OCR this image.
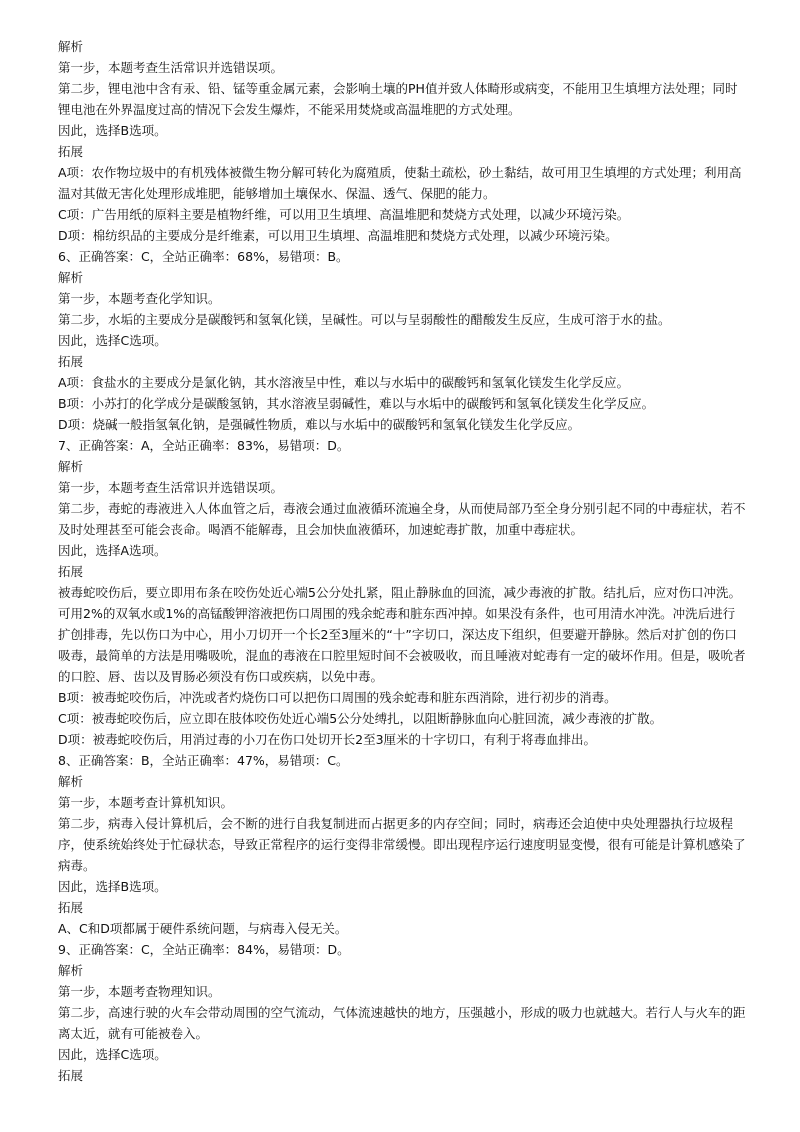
解析
第一步，本题考查生活常识并选错误项。
第二步，锂电池中含有汞、铅、锰等重金属元素，会影响土壤的PH值并致人体畸形或病变，不能用卫生填埋方法处理；同时锂电池在外界温度过高的情况下会发生爆炸，不能采用焚烧或高温堆肥的方式处理。
因此，选择B选项。
拓展
A项：农作物垃圾中的有机残体被微生物分解可转化为腐殖质，使黏土疏松，砂土黏结，故可用卫生填埋的方式处理；利用高温对其做无害化处理形成堆肥，能够增加土壤保水、保温、透气、保肥的能力。
C项：广告用纸的原料主要是植物纤维，可以用卫生填埋、高温堆肥和焚烧方式处理，以减少环境污染。
D项：棉纺织品的主要成分是纤维素，可以用卫生填埋、高温堆肥和焚烧方式处理，以减少环境污染。
6、正确答案：C，全站正确率：68%，易错项：B。
解析
第一步，本题考查化学知识。
第二步，水垢的主要成分是碳酸钙和氢氧化镁，呈碱性。可以与呈弱酸性的醋酸发生反应，生成可溶于水的盐。
因此，选择C选项。
拓展
A项：食盐水的主要成分是氯化钠，其水溶液呈中性，难以与水垢中的碳酸钙和氢氧化镁发生化学反应。
B项：小苏打的化学成分是碳酸氢钠，其水溶液呈弱碱性，难以与水垢中的碳酸钙和氢氧化镁发生化学反应。
D项：烧碱一般指氢氧化钠，是强碱性物质，难以与水垢中的碳酸钙和氢氧化镁发生化学反应。
7、正确答案：A，全站正确率：83%，易错项：D。
解析
第一步，本题考查生活常识并选错误项。
第二步，毒蛇的毒液进入人体血管之后，毒液会通过血液循环流遍全身，从而使局部乃至全身分别引起不同的中毒症状，若不及时处理甚至可能会丧命。喝酒不能解毒，且会加快血液循环，加速蛇毒扩散，加重中毒症状。
因此，选择A选项。
拓展
被毒蛇咬伤后，要立即用布条在咬伤处近心端5公分处扎紧，阻止静脉血的回流，减少毒液的扩散。结扎后，应对伤口冲洗。可用2%的双氧水或1%的高锰酸钾溶液把伤口周围的残余蛇毒和脏东西冲掉。如果没有条件，也可用清水冲洗。冲洗后进行扩创排毒，先以伤口为中心，用小刀切开一个长2至3厘米的“十”字切口，深达皮下组织，但要避开静脉。然后对扩创的伤口吸毒，最简单的方法是用嘴吸吮，混血的毒液在口腔里短时间不会被吸收，而且唾液对蛇毒有一定的破坏作用。但是，吸吮者的口腔、唇、齿以及胃肠必须没有伤口或疾病，以免中毒。
B项：被毒蛇咬伤后，冲洗或者灼烧伤口可以把伤口周围的残余蛇毒和脏东西消除，进行初步的消毒。
C项：被毒蛇咬伤后，应立即在肢体咬伤处近心端5公分处缚扎，以阻断静脉血向心脏回流，减少毒液的扩散。
D项：被毒蛇咬伤后，用消过毒的小刀在伤口处切开长2至3厘米的十字切口，有利于将毒血排出。
8、正确答案：B，全站正确率：47%，易错项：C。
解析
第一步，本题考查计算机知识。
第二步，病毒入侵计算机后，会不断的进行自我复制进而占据更多的内存空间；同时，病毒还会迫使中央处理器执行垃圾程序，使系统始终处于忙碌状态，导致正常程序的运行变得非常缓慢。即出现程序运行速度明显变慢，很有可能是计算机感染了病毒。
因此，选择B选项。
拓展
A、C和D项都属于硬件系统问题，与病毒入侵无关。
9、正确答案：C，全站正确率：84%，易错项：D。
解析
第一步，本题考查物理知识。
第二步，高速行驶的火车会带动周围的空气流动，气体流速越快的地方，压强越小，形成的吸力也就越大。若行人与火车的距离太近，就有可能被卷入。
因此，选择C选项。
拓展
